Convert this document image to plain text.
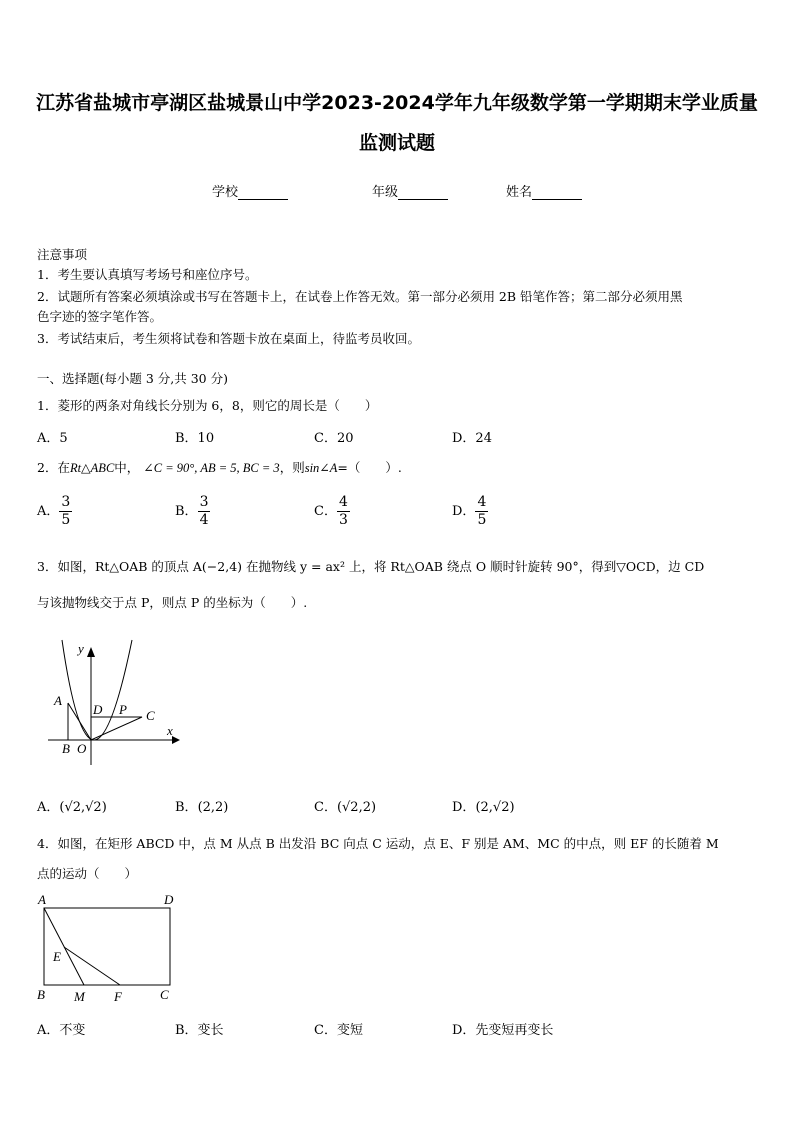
江苏省盐城市亭湖区盐城景山中学2023-2024学年九年级数学第一学期期末学业质量
监测试题
学校	年级	姓名
注意事项
1．考生要认真填写考场号和座位序号。
2．试题所有答案必须填涂或书写在答题卡上，在试卷上作答无效。第一部分必须用 2B 铅笔作答；第二部分必须用黑
色字迹的签字笔作答。
3．考试结束后，考生须将试卷和答题卡放在桌面上，待监考员收回。
一、选择题(每小题 3 分,共 30 分)
1．菱形的两条对角线长分别为 6，8，则它的周长是（　　）
A．5	B．10	C．20	D．24
2．在Rt△ABC中， ∠C = 90°, AB = 5, BC = 3，则sin∠A=（　　）.
A． $\frac{3}{5}$	B． $\frac{3}{4}$	C． $\frac{4}{3}$	D． $\frac{4}{5}$
3．如图，Rt△OAB 的顶点 A(−2,4) 在抛物线 y = ax² 上，将 Rt△OAB 绕点 O 顺时针旋转 90°，得到▽OCD，边 CD
与该抛物线交于点 P，则点 P 的坐标为（　　）.
y
x
A
B O
D P C
A．(√2,√2)	B．(2,2)	C．(√2,2)	D．(2,√2)
4．如图，在矩形 ABCD 中，点 M 从点 B 出发沿 BC 向点 C 运动，点 E、F 别是 AM、MC 的中点，则 EF 的长随着 M
点的运动（　　）
A	D
E
B M F	C
A．不变	B．变长	C．变短	D．先变短再变长
